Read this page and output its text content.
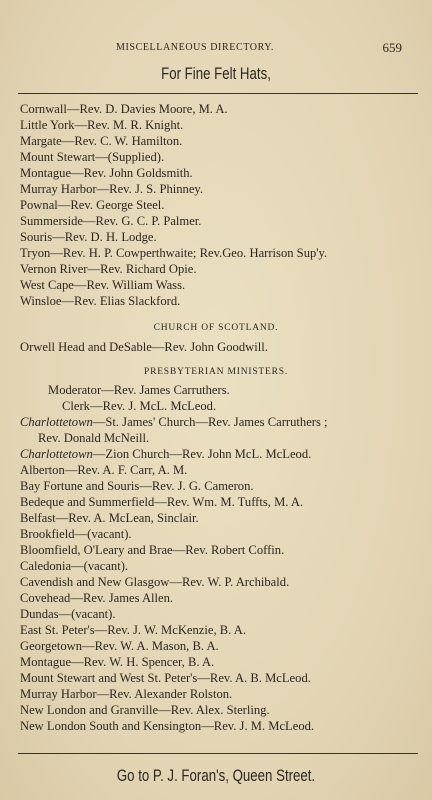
MISCELLANEOUS DIRECTORY.	659
For Fine Felt Hats,
Cornwall—Rev. D. Davies Moore, M. A.
Little York—Rev. M. R. Knight.
Margate—Rev. C. W. Hamilton.
Mount Stewart—(Supplied).
Montague—Rev. John Goldsmith.
Murray Harbor—Rev. J. S. Phinney.
Pownal—Rev. George Steel.
Summerside—Rev. G. C. P. Palmer.
Souris—Rev. D. H. Lodge.
Tryon—Rev. H. P. Cowperthwaite; Rev.Geo. Harrison Sup'y.
Vernon River—Rev. Richard Opie.
West Cape—Rev. William Wass.
Winsloe—Rev. Elias Slackford.
CHURCH OF SCOTLAND.
Orwell Head and DeSable—Rev. John Goodwill.
PRESBYTERIAN MINISTERS.
Moderator—Rev. James Carruthers.
Clerk—Rev. J. McL. McLeod.
Charlottetown—St. James' Church—Rev. James Carruthers ;
Rev. Donald McNeill.
Charlottetown—Zion Church—Rev. John McL. McLeod.
Alberton—Rev. A. F. Carr, A. M.
Bay Fortune and Souris—Rev. J. G. Cameron.
Bedeque and Summerfield—Rev. Wm. M. Tuffts, M. A.
Belfast—Rev. A. McLean, Sinclair.
Brookfield—(vacant).
Bloomfield, O'Leary and Brae—Rev. Robert Coffin.
Caledonia—(vacant).
Cavendish and New Glasgow—Rev. W. P. Archibald.
Covehead—Rev. James Allen.
Dundas—(vacant).
East St. Peter's—Rev. J. W. McKenzie, B. A.
Georgetown—Rev. W. A. Mason, B. A.
Montague—Rev. W. H. Spencer, B. A.
Mount Stewart and West St. Peter's—Rev. A. B. McLeod.
Murray Harbor—Rev. Alexander Rolston.
New London and Granville—Rev. Alex. Sterling.
New London South and Kensington—Rev. J. M. McLeod.
Go to P. J. Foran's, Queen Street.
